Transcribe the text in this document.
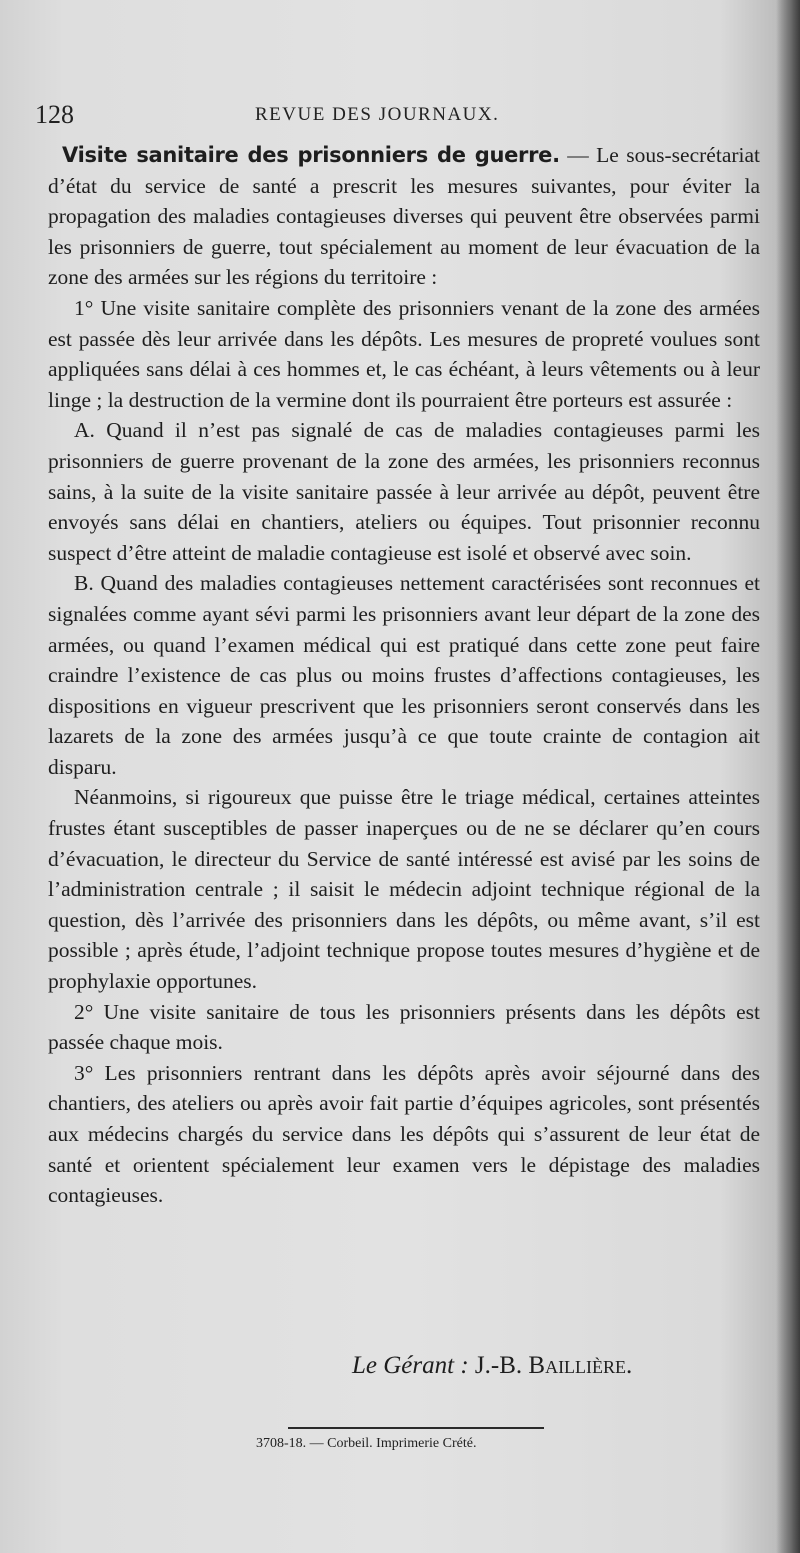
128	REVUE DES JOURNAUX.

Visite sanitaire des prisonniers de guerre. — Le sous-secrétariat d’état du service de santé a prescrit les mesures suivantes, pour éviter la propagation des maladies contagieuses diverses qui peuvent être observées parmi les prisonniers de guerre, tout spécialement au moment de leur évacuation de la zone des armées sur les régions du territoire :

1° Une visite sanitaire complète des prisonniers venant de la zone des armées est passée dès leur arrivée dans les dépôts. Les mesures de propreté voulues sont appliquées sans délai à ces hommes et, le cas échéant, à leurs vêtements ou à leur linge ; la destruction de la vermine dont ils pourraient être porteurs est assurée :

A. Quand il n’est pas signalé de cas de maladies contagieuses parmi les prisonniers de guerre provenant de la zone des armées, les prisonniers reconnus sains, à la suite de la visite sanitaire passée à leur arrivée au dépôt, peuvent être envoyés sans délai en chantiers, ateliers ou équipes. Tout prisonnier reconnu suspect d’être atteint de maladie contagieuse est isolé et observé avec soin.

B. Quand des maladies contagieuses nettement caractérisées sont reconnues et signalées comme ayant sévi parmi les prisonniers avant leur départ de la zone des armées, ou quand l’examen médical qui est pratiqué dans cette zone peut faire craindre l’existence de cas plus ou moins frustes d’affections contagieuses, les dispositions en vigueur prescrivent que les prisonniers seront conservés dans les lazarets de la zone des armées jusqu’à ce que toute crainte de contagion ait disparu.

Néanmoins, si rigoureux que puisse être le triage médical, certaines atteintes frustes étant susceptibles de passer inaperçues ou de ne se déclarer qu’en cours d’évacuation, le directeur du Service de santé intéressé est avisé par les soins de l’administration centrale ; il saisit le médecin adjoint technique régional de la question, dès l’arrivée des prisonniers dans les dépôts, ou même avant, s’il est possible ; après étude, l’adjoint technique propose toutes mesures d’hygiène et de prophylaxie opportunes.

2° Une visite sanitaire de tous les prisonniers présents dans les dépôts est passée chaque mois.

3° Les prisonniers rentrant dans les dépôts après avoir séjourné dans des chantiers, des ateliers ou après avoir fait partie d’équipes agricoles, sont présentés aux médecins chargés du service dans les dépôts qui s’assurent de leur état de santé et orientent spécialement leur examen vers le dépistage des maladies contagieuses.

Le Gérant : J.-B. Baillière.
3708-18. — Corbeil. Imprimerie Crété.
